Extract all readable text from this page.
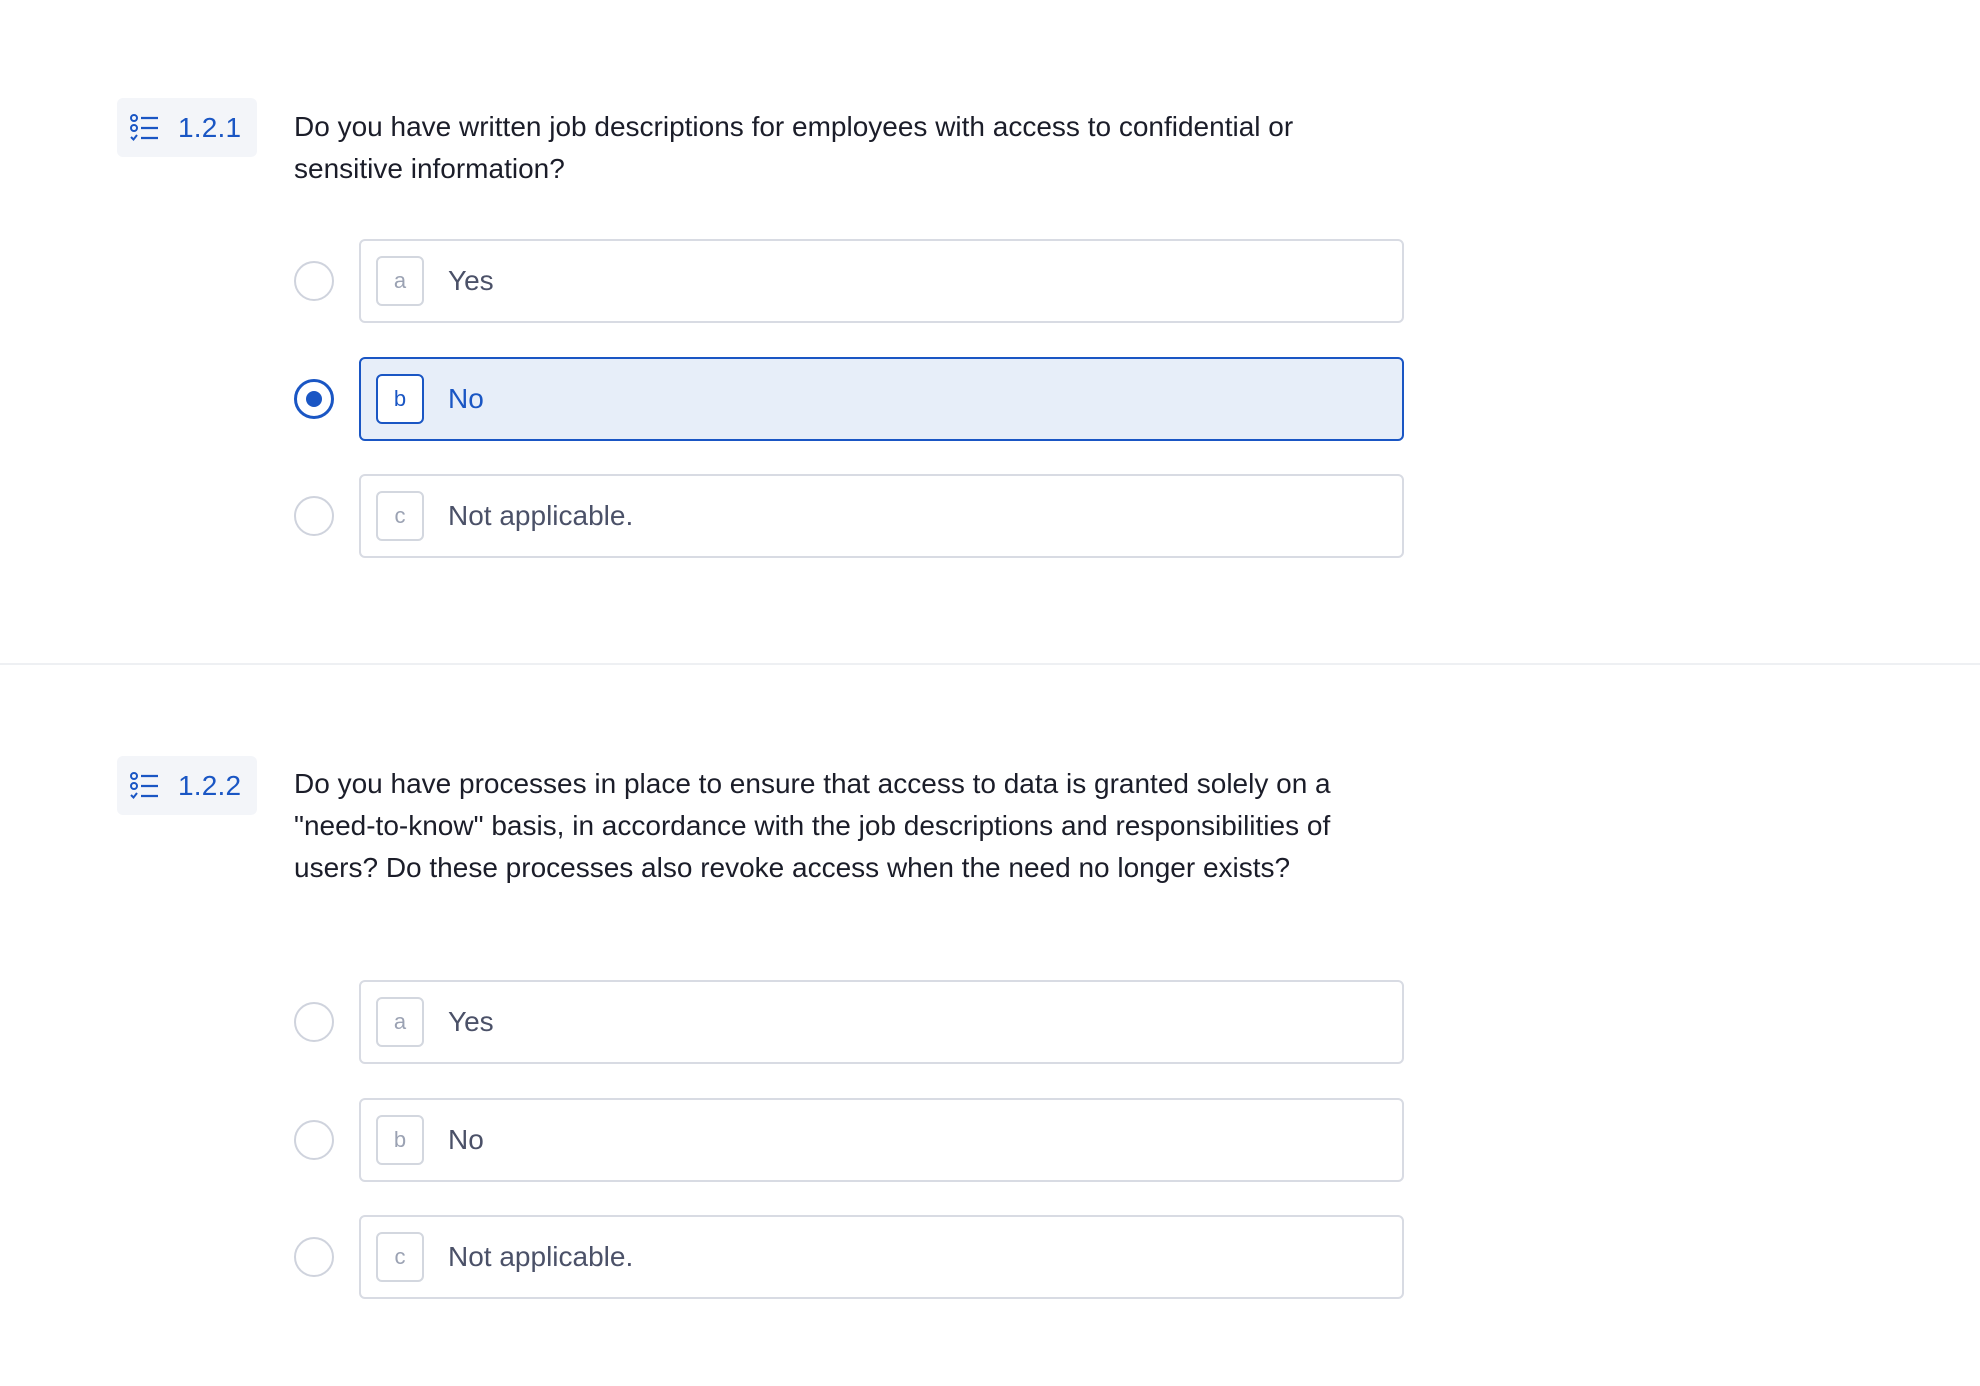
1.2.1 Do you have written job descriptions for employees with access to confidential or sensitive information?
a	Yes
b	No
c	Not applicable.
1.2.2 Do you have processes in place to ensure that access to data is granted solely on a "need-to-know" basis, in accordance with the job descriptions and responsibilities of users? Do these processes also revoke access when the need no longer exists?
a	Yes
b	No
c	Not applicable.
